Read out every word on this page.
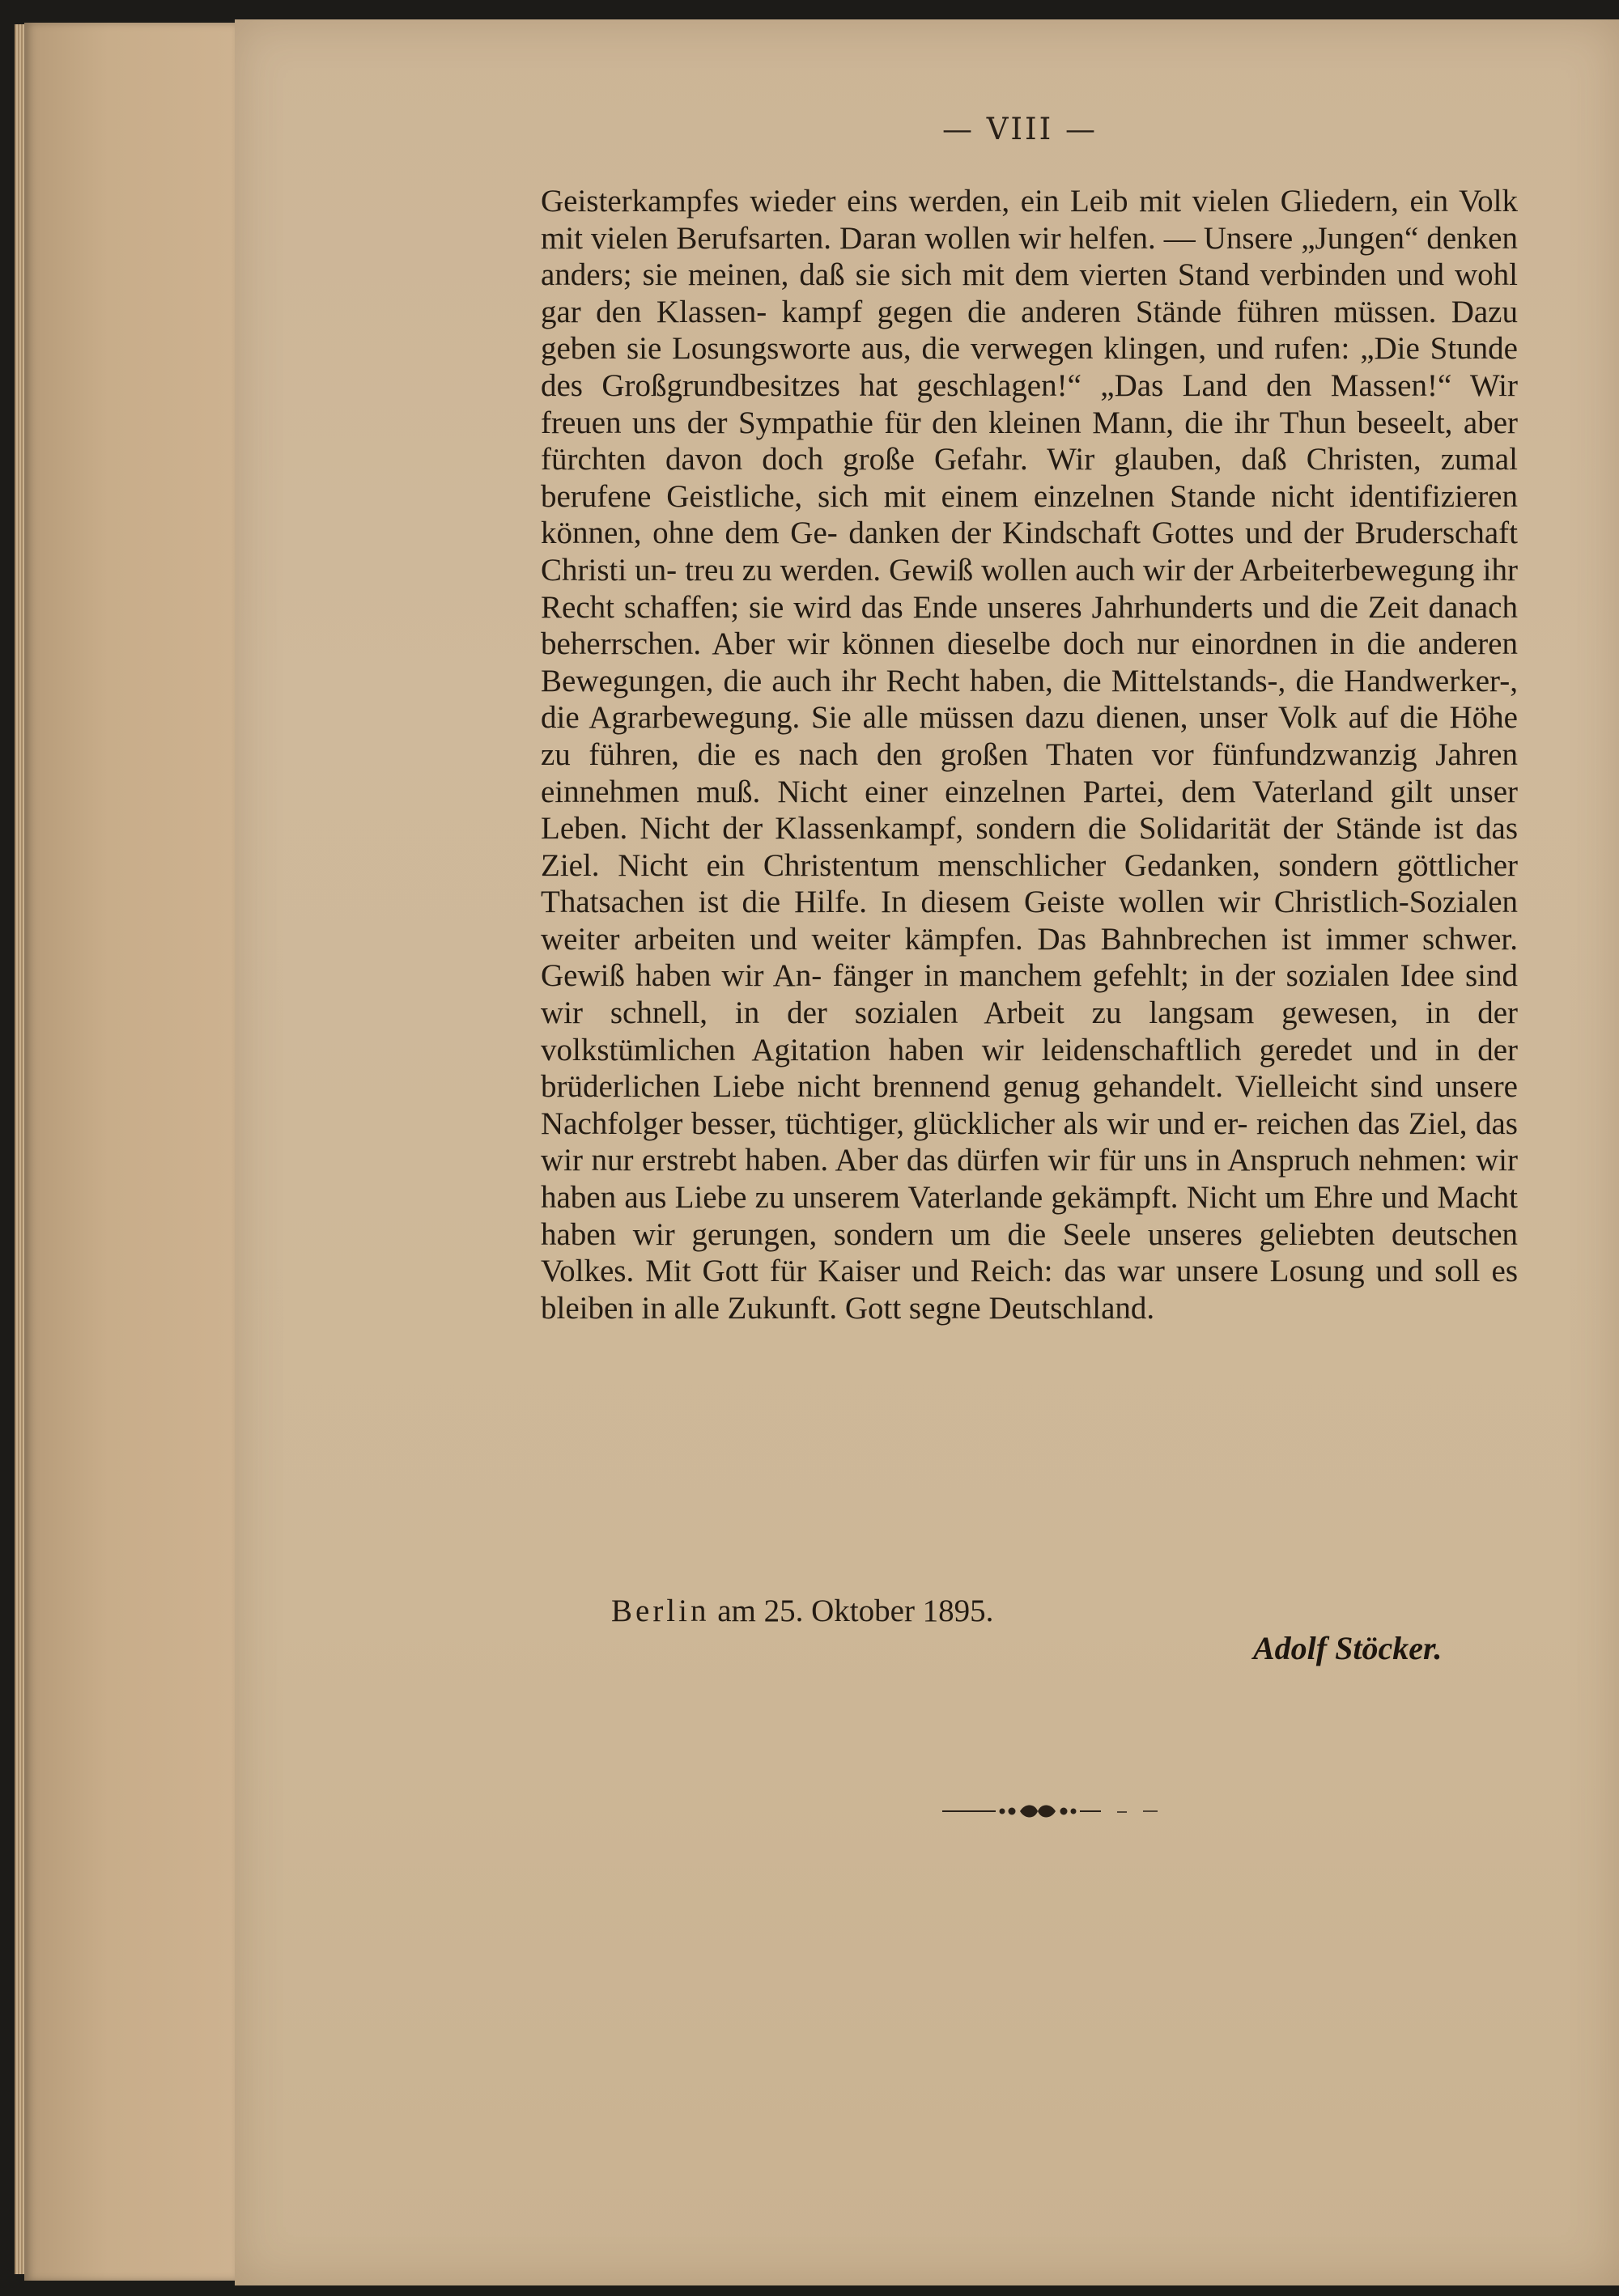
— VIII —

Geisterkampfes wieder eins werden, ein Leib mit vielen Gliedern, ein Volk mit vielen Berufsarten. Daran wollen wir helfen. — Unsere „Jungen“ denken anders; sie meinen, daß sie sich mit dem vierten Stand verbinden und wohl gar den Klassen- kampf gegen die anderen Stände führen müssen. Dazu geben sie Losungsworte aus, die verwegen klingen, und rufen: „Die Stunde des Großgrundbesitzes hat geschlagen!“ „Das Land den Massen!“ Wir freuen uns der Sympathie für den kleinen Mann, die ihr Thun beseelt, aber fürchten davon doch große Gefahr. Wir glauben, daß Christen, zumal berufene Geistliche, sich mit einem einzelnen Stande nicht identifizieren können, ohne dem Ge- danken der Kindschaft Gottes und der Bruderschaft Christi un- treu zu werden. Gewiß wollen auch wir der Arbeiterbewegung ihr Recht schaffen; sie wird das Ende unseres Jahrhunderts und die Zeit danach beherrschen. Aber wir können dieselbe doch nur einordnen in die anderen Bewegungen, die auch ihr Recht haben, die Mittelstands-, die Handwerker-, die Agrarbewegung. Sie alle müssen dazu dienen, unser Volk auf die Höhe zu führen, die es nach den großen Thaten vor fünfundzwanzig Jahren einnehmen muß. Nicht einer einzelnen Partei, dem Vaterland gilt unser Leben. Nicht der Klassenkampf, sondern die Solidarität der Stände ist das Ziel. Nicht ein Christentum menschlicher Gedanken, sondern göttlicher Thatsachen ist die Hilfe. In diesem Geiste wollen wir Christlich-Sozialen weiter arbeiten und weiter kämpfen. Das Bahnbrechen ist immer schwer. Gewiß haben wir An- fänger in manchem gefehlt; in der sozialen Idee sind wir schnell, in der sozialen Arbeit zu langsam gewesen, in der volkstümlichen Agitation haben wir leidenschaftlich geredet und in der brüderlichen Liebe nicht brennend genug gehandelt. Vielleicht sind unsere Nachfolger besser, tüchtiger, glücklicher als wir und er- reichen das Ziel, das wir nur erstrebt haben. Aber das dürfen wir für uns in Anspruch nehmen: wir haben aus Liebe zu unserem Vaterlande gekämpft. Nicht um Ehre und Macht haben wir gerungen, sondern um die Seele unseres geliebten deutschen Volkes. Mit Gott für Kaiser und Reich: das war unsere Losung und soll es bleiben in alle Zukunft. Gott segne Deutschland.

Berlin am 25. Oktober 1895.
Adolf Stöcker.
